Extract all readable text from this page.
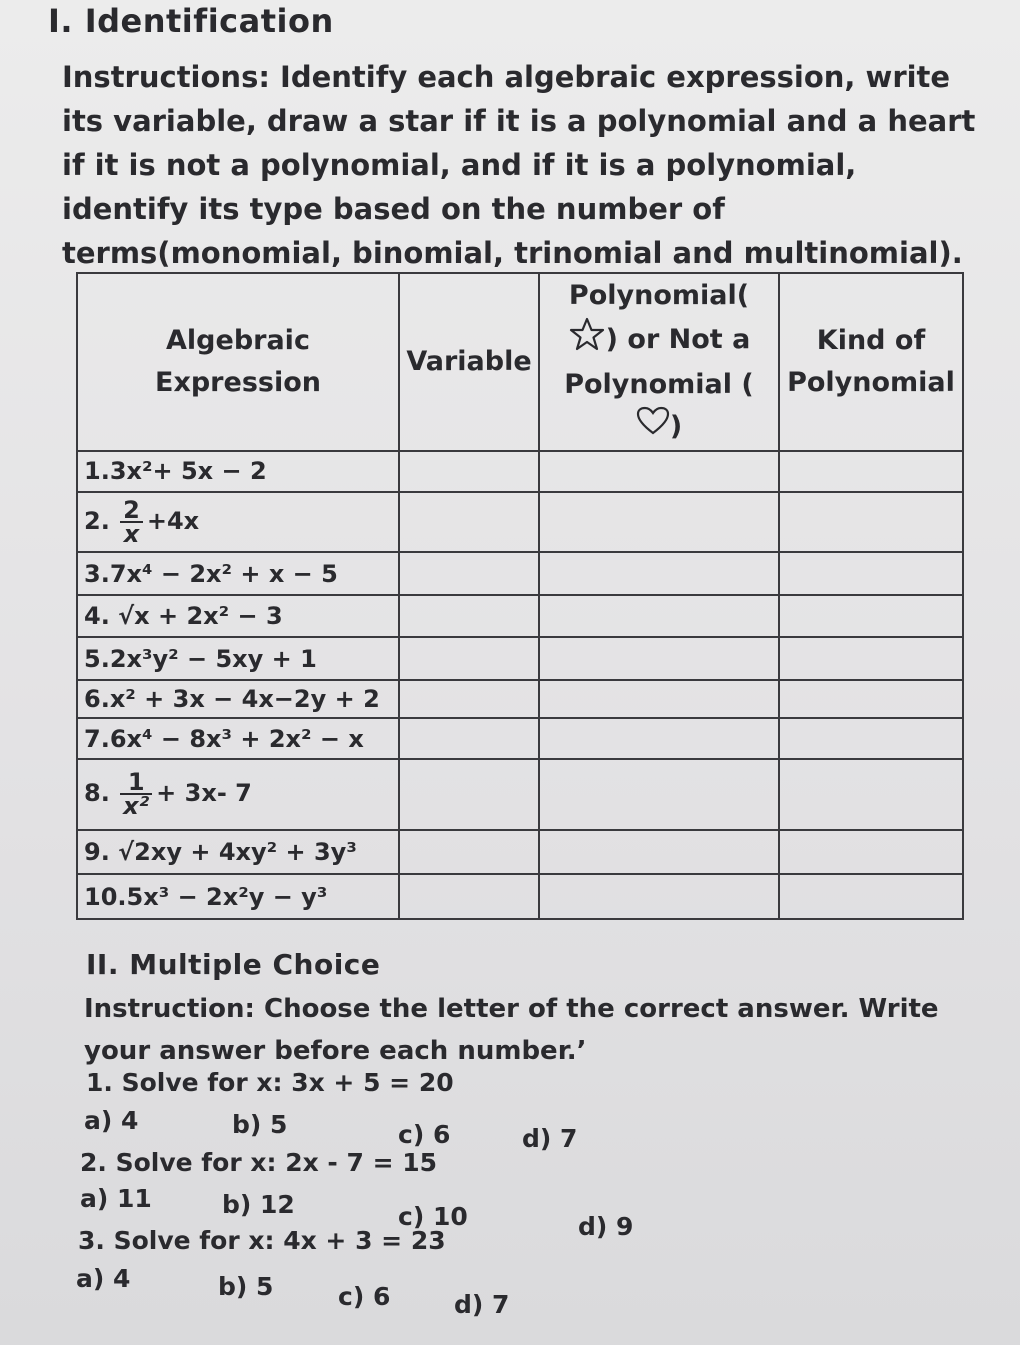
I. Identification
Instructions: Identify each algebraic expression, write its variable, draw a star if it is a polynomial and a heart if it is not a polynomial, and if it is a polynomial, identify its type based on the number of terms(monomial, binomial, trinomial and multinomial).
Algebraic Expression	Variable	Polynomial(
) or Not a Polynomial (
)	Kind of Polynomial
1.3x²+ 5x − 2			
2. $\frac{2}{x} +4x$			
3.7x⁴ − 2x² + x − 5			
4. √x + 2x² − 3			
5.2x³y² − 5xy + 1			
6.x² + 3x − 4x−2y + 2			
7.6x⁴ − 8x³ + 2x² − x			
8. $\frac{1}{\text{x²}} + 3x-$ 7			
9. √2xy + 4xy² + 3y³			
10.5x³ − 2x²y − y³			
II. Multiple Choice
Instruction: Choose the letter of the correct answer. Write your answer before each number.’
1. Solve for x: 3x + 5 = 20
a) 4	b) 5	c) 6	d) 7
2. Solve for x: 2x - 7 = 15
a) 11	b) 12	c) 10	d) 9
3. Solve for x: 4x + 3 = 23
a) 4	b) 5	c) 6	d) 7
